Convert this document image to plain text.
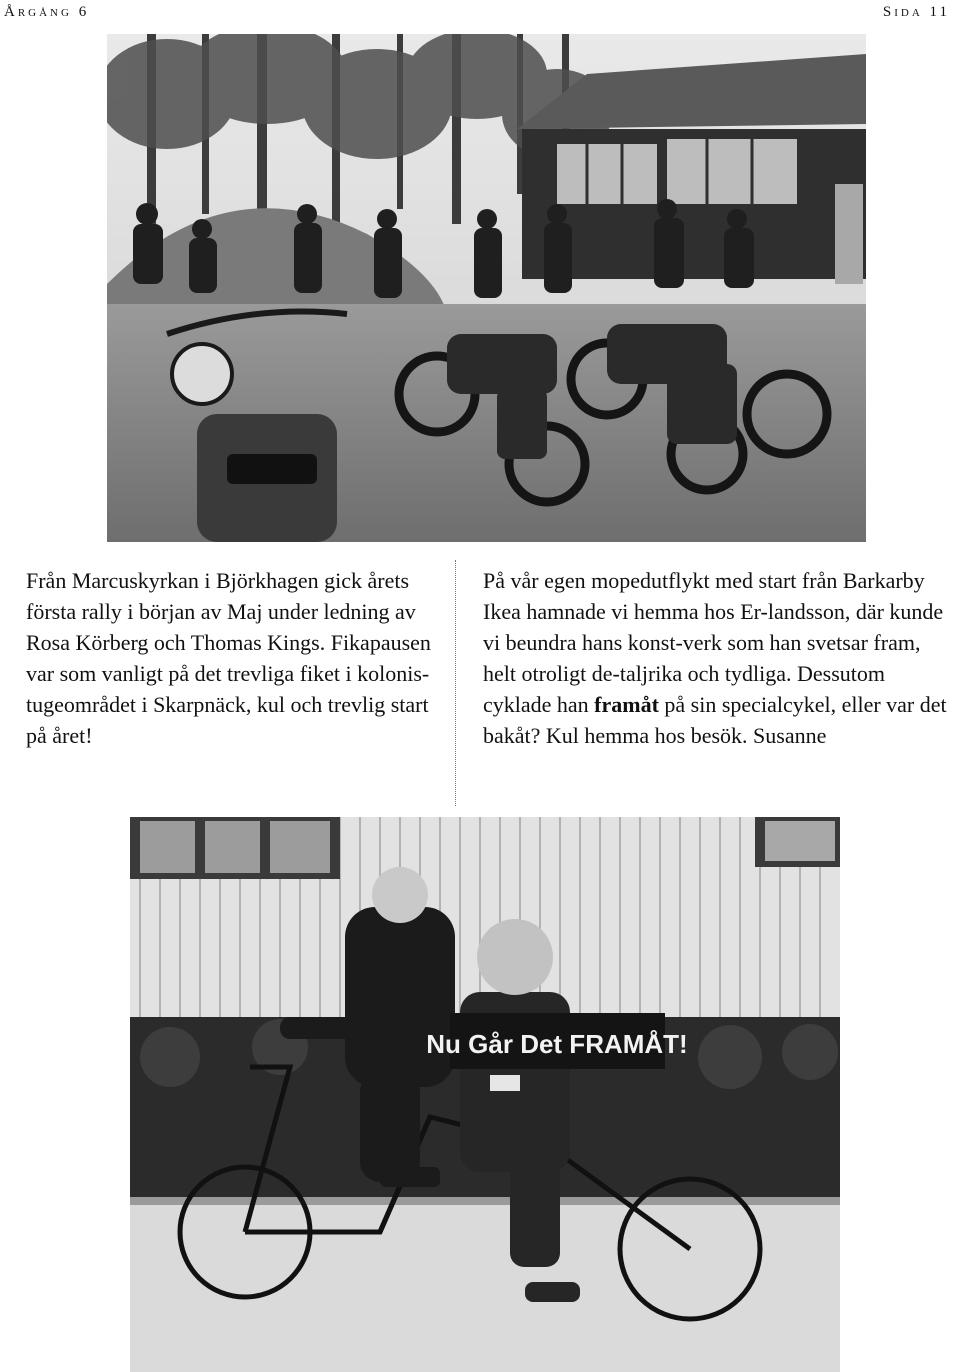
Årgång 6	Sida 11

Från Marcuskyrkan i Björkhagen gick årets första rally i början av Maj under ledning av Rosa Körberg och Thomas Kings. Fikapausen var som vanligt på det trevliga fiket i kolonis-tugeområdet i Skarpnäck, kul och trevlig start på året!

På vår egen mopedutflykt med start från Barkarby Ikea hamnade vi hemma hos Er-landsson, där kunde vi beundra hans konst-verk som han svetsar fram, helt otroligt de-taljrika och tydliga. Dessutom cyklade han framåt på sin specialcykel, eller var det bakåt? Kul hemma hos besök. Susanne

Nu Går Det FRAMÅT!
